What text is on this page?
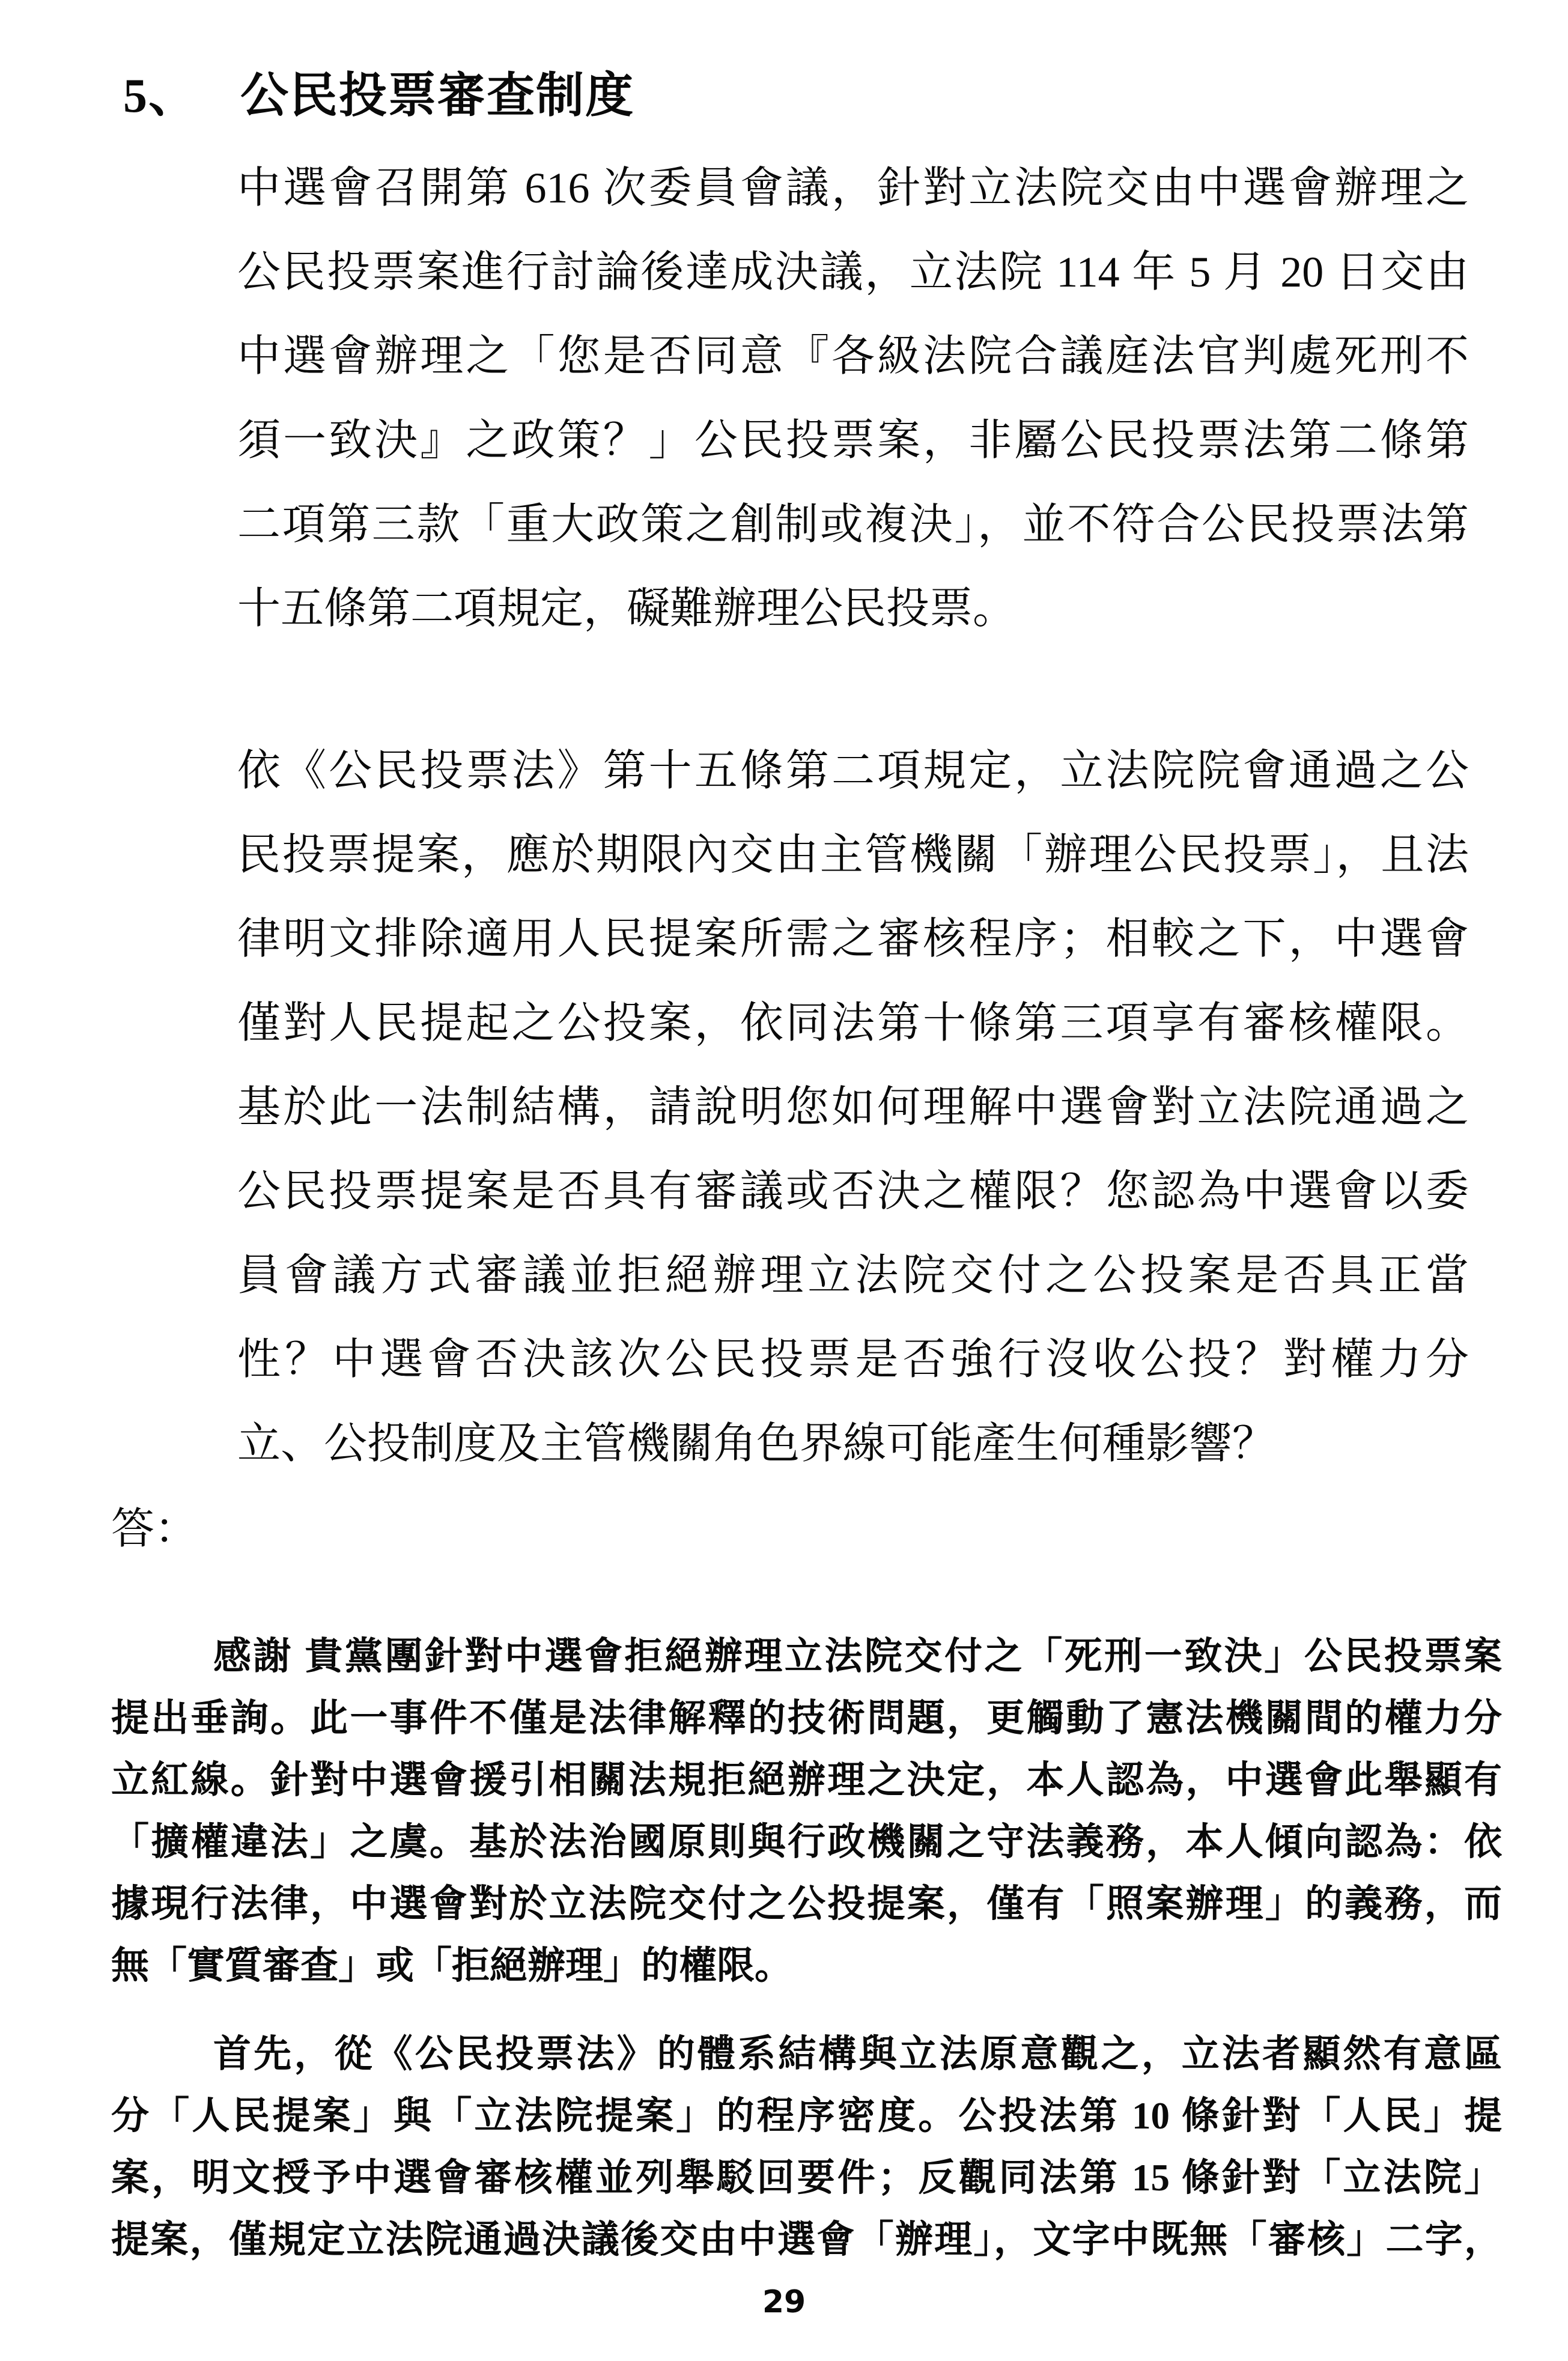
5、 公民投票審查制度
中選會召開第 616 次委員會議，針對立法院交由中選會辦理之
公民投票案進行討論後達成決議，立法院 114 年 5 月 20 日交由
中選會辦理之「您是否同意『各級法院合議庭法官判處死刑不
須一致決』之政策？」公民投票案，非屬公民投票法第二條第
二項第三款「重大政策之創制或複決」，並不符合公民投票法第
十五條第二項規定，礙難辦理公民投票。
依《公民投票法》第十五條第二項規定，立法院院會通過之公
民投票提案，應於期限內交由主管機關「辦理公民投票」，且法
律明文排除適用人民提案所需之審核程序；相較之下，中選會
僅對人民提起之公投案，依同法第十條第三項享有審核權限。
基於此一法制結構，請說明您如何理解中選會對立法院通過之
公民投票提案是否具有審議或否決之權限？您認為中選會以委
員會議方式審議並拒絕辦理立法院交付之公投案是否具正當
性？中選會否決該次公民投票是否強行沒收公投？對權力分
立、公投制度及主管機關角色界線可能產生何種影響？
答：
感謝 貴黨團針對中選會拒絕辦理立法院交付之「死刑一致決」公民投票案
提出垂詢。此一事件不僅是法律解釋的技術問題，更觸動了憲法機關間的權力分
立紅線。針對中選會援引相關法規拒絕辦理之決定，本人認為，中選會此舉顯有
「擴權違法」之虞。基於法治國原則與行政機關之守法義務，本人傾向認為：依
據現行法律，中選會對於立法院交付之公投提案，僅有「照案辦理」的義務，而
無「實質審查」或「拒絕辦理」的權限。
首先，從《公民投票法》的體系結構與立法原意觀之，立法者顯然有意區
分「人民提案」與「立法院提案」的程序密度。公投法第 10 條針對「人民」提
案，明文授予中選會審核權並列舉駁回要件；反觀同法第 15 條針對「立法院」
提案，僅規定立法院通過決議後交由中選會「辦理」，文字中既無「審核」二字，
29
